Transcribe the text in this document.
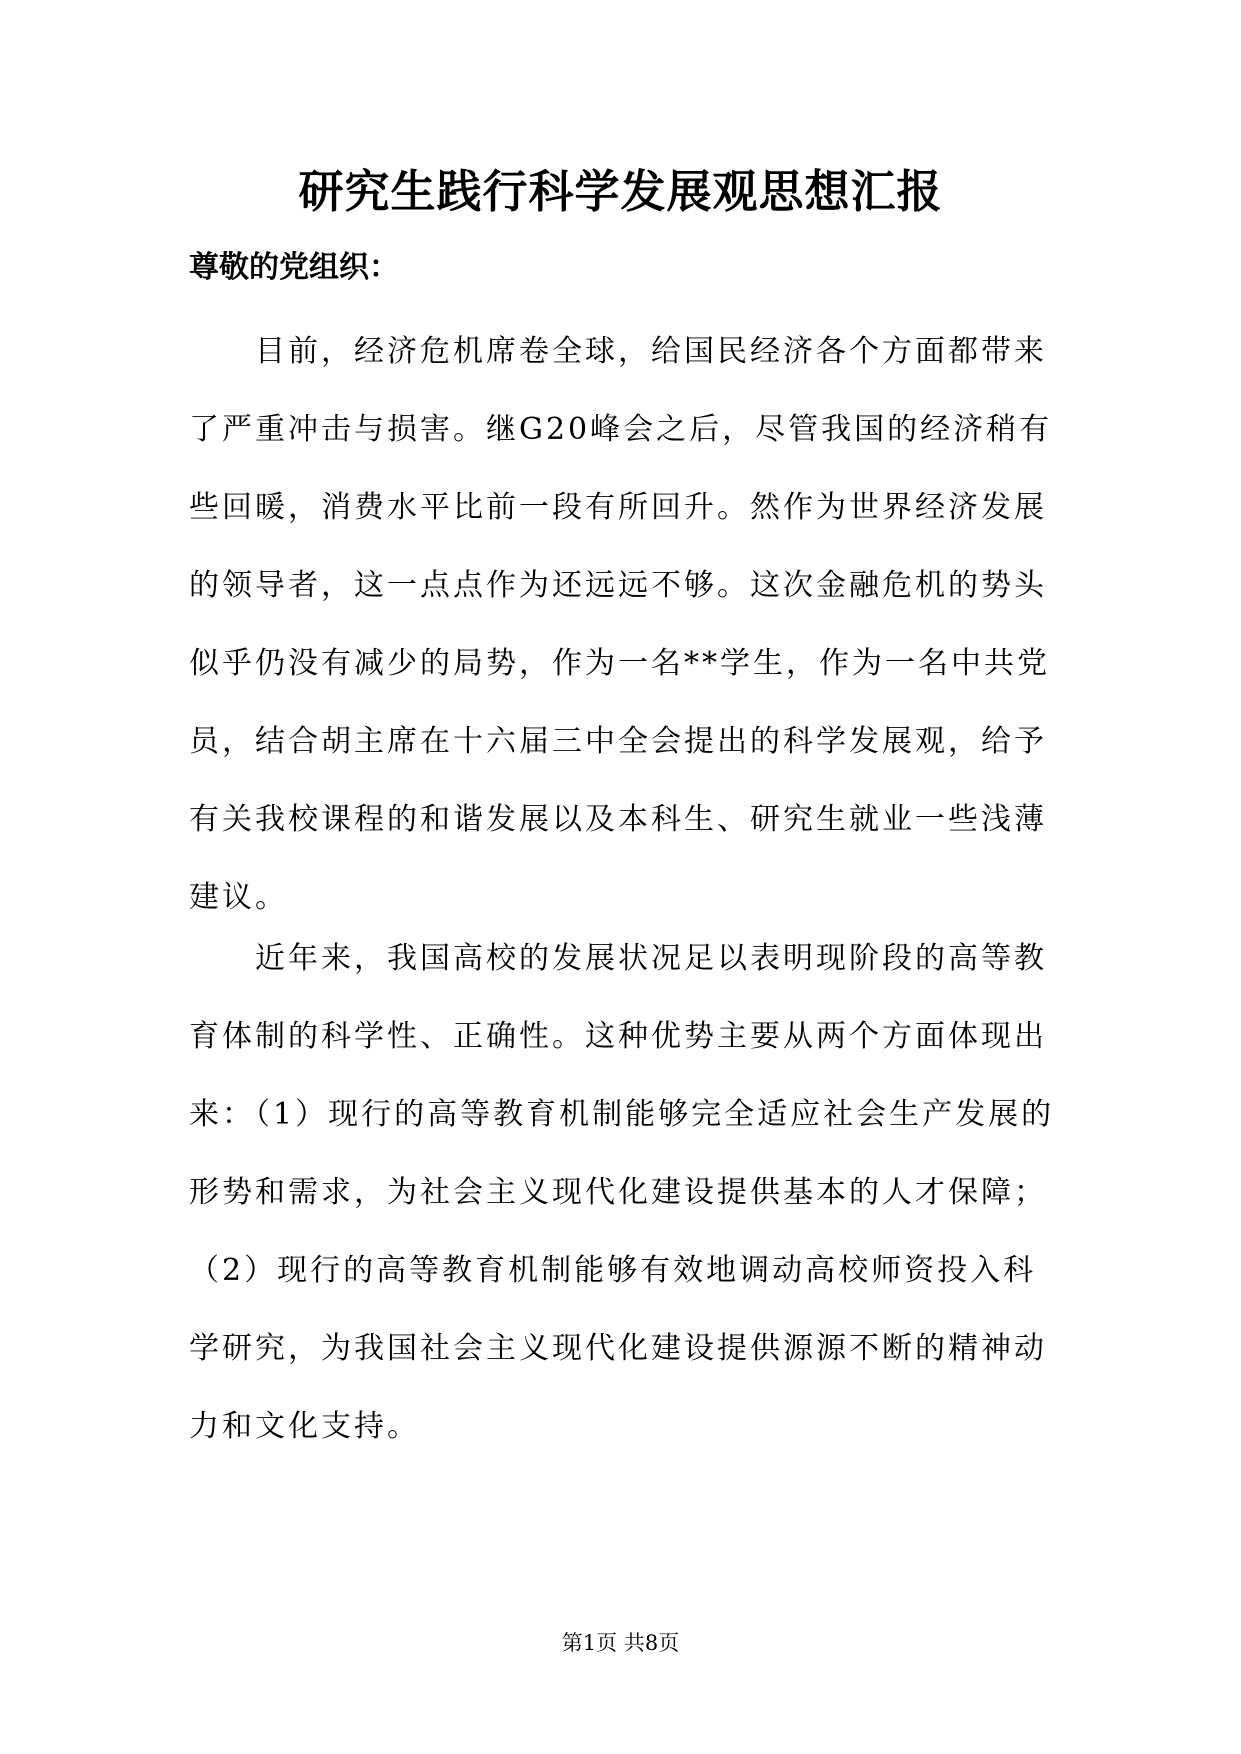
研究生践行科学发展观思想汇报
尊敬的党组织：
目前，经济危机席卷全球，给国民经济各个方面都带来
了严重冲击与损害。继G20峰会之后，尽管我国的经济稍有
些回暖，消费水平比前一段有所回升。然作为世界经济发展
的领导者，这一点点作为还远远不够。这次金融危机的势头
似乎仍没有减少的局势，作为一名**学生，作为一名中共党
员，结合胡主席在十六届三中全会提出的科学发展观，给予
有关我校课程的和谐发展以及本科生、研究生就业一些浅薄
建议。
近年来，我国高校的发展状况足以表明现阶段的高等教
育体制的科学性、正确性。这种优势主要从两个方面体现出
来：（1）现行的高等教育机制能够完全适应社会生产发展的
形势和需求，为社会主义现代化建设提供基本的人才保障；
（2）现行的高等教育机制能够有效地调动高校师资投入科
学研究，为我国社会主义现代化建设提供源源不断的精神动
力和文化支持。
第1页 共8页
